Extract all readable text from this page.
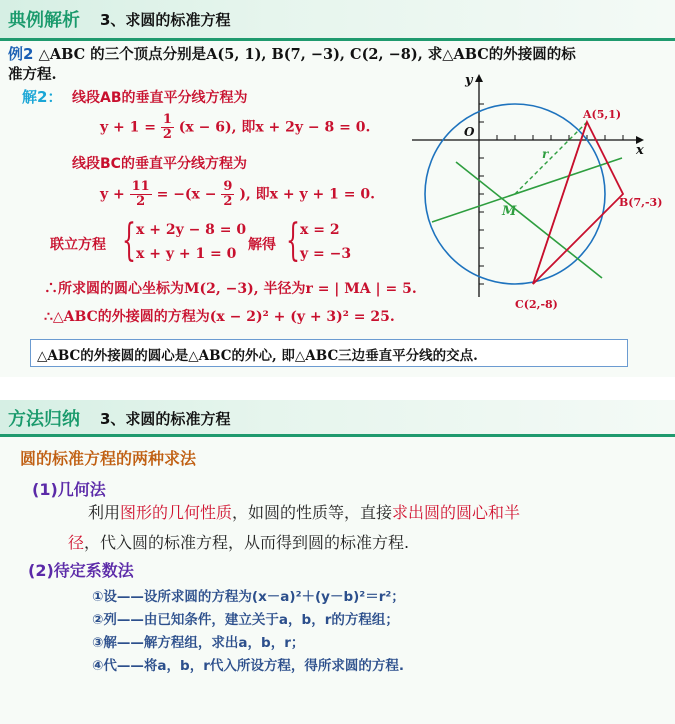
典例解析 3、求圆的标准方程
例2 △ABC 的三个顶点分别是A(5, 1), B(7, −3), C(2, −8), 求△ABC的外接圆的标
准方程.
解2： 线段AB的垂直平分线方程为
$y + 1 = \frac{1}{2} (x - 6)$, 即x + 2y − 8 = 0.
线段BC的垂直平分线方程为
$y + \frac{11}{2} = -(x - \frac{9}{2}$ ), 即x + y + 1 = 0.
联立方程 { x + 2y − 8 = 0
x + y + 1 = 0
解得 { x = 2
y = −3
∴所求圆的圆心坐标为M(2, −3), 半径为r = | MA | = 5.
∴△ABC的外接圆的方程为(x − 2)² + (y + 3)² = 25.
△ABC的外接圆的圆心是△ABC的外心, 即△ABC三边垂直平分线的交点.
y
x
O
A(5,1)
B(7,-3)
C(2,-8)
M
r
方法归纳 3、求圆的标准方程
圆的标准方程的两种求法
(1)几何法
利用图形的几何性质，如圆的性质等，直接求出圆的圆心和半
径，代入圆的标准方程，从而得到圆的标准方程.
(2)待定系数法
①设——设所求圆的方程为(x－a)²＋(y－b)²＝r²；
②列——由已知条件，建立关于a，b，r的方程组；
③解——解方程组，求出a，b，r；
④代——将a，b，r代入所设方程，得所求圆的方程.
